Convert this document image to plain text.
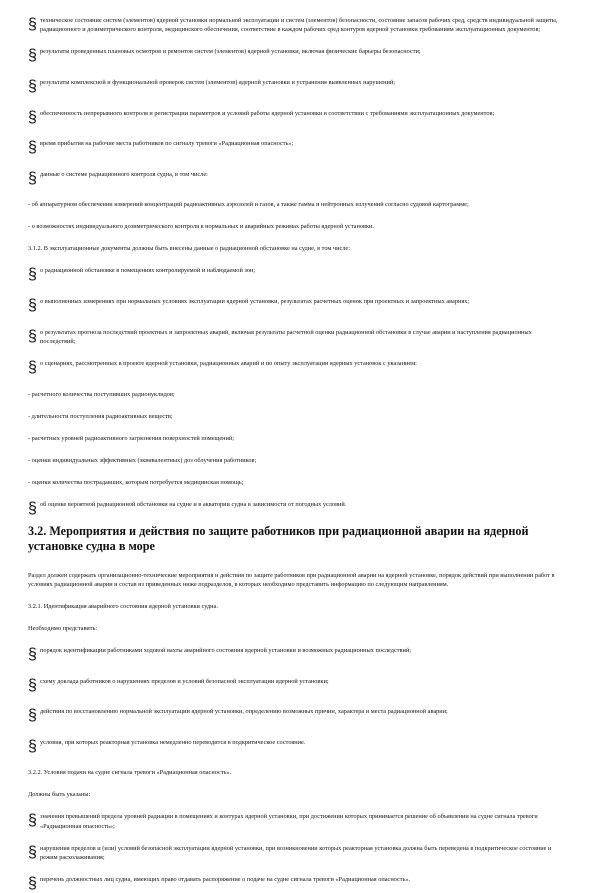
§ техническое состояние систем (элементов) ядерной установки нормальной эксплуатации и систем (элементов) безопасности, состояние запасов рабочих сред, средств индивидуальной защиты, радиационного и дозиметрического контроля, медицинского обеспечения, соответствие в каждом рабочих сред контуров ядерной установки требованиям эксплуатационных документов;

§ результаты проведенных плановых осмотров и ремонтов систем (элементов) ядерной установки, включая физические барьеры безопасности;

§ результаты комплексной и функциональной проверок систем (элементов) ядерной установки и устранения выявленных нарушений;

§ обеспеченность непрерывного контроля и регистрации параметров и условий работы ядерной установки в соответствии с требованиями эксплуатационных документов;

§ время прибытия на рабочие места работников по сигналу тревоги «Радиационная опасность»;

§ данные о системе радиационного контроля судна, в том числе:

- об аппаратурном обеспечении измерений концентраций радиоактивных аэрозолей и газов, а также гамма и нейтронных излучений согласно судовой картограмме;

- о возможностях индивидуального дозиметрического контроля в нормальных и аварийных режимах работы ядерной установки.

3.1.2. В эксплуатационные документы должны быть внесены данные о радиационной обстановке на судне, в том числе:

§ о радиационной обстановке в помещениях контролируемой и наблюдаемой зон;

§ о выполненных измерениях при нормальных условиях эксплуатации ядерной установки, результатах расчетных оценок при проектных и запроектных авариях;

§ о результатах прогноза последствий проектных и запроектных аварий, включая результаты расчетной оценки радиационной обстановки в случае аварии и наступления радиационных последствий;

§ о сценариях, рассмотренных в проекте ядерной установки, радиационных аварий и по опыту эксплуатации ядерных установок с указанием:

- расчетного количества поступивших радионуклидов;

- длительности поступления радиоактивных веществ;

- расчетных уровней радиоактивного загрязнения поверхностей помещений;

- оценки индивидуальных эффективных (эквивалентных) доз облучения работников;

- оценки количества пострадавших, которым потребуется медицинская помощь;

§ об оценке вероятной радиационной обстановки на судне и в акватории судна в зависимости от погодных условий.

3.2. Мероприятия и действия по защите работников при радиационной аварии на ядерной установке судна в море

Раздел должен содержать организационно-технические мероприятия и действия по защите работников при радиационной аварии на ядерной установке, порядок действий при выполнении работ в условиях радиационной аварии и состав из приведенных ниже подразделов, в которых необходимо представить информацию по следующим направлениям.

3.2.1. Идентификация аварийного состояния ядерной установки судна.

Необходимо представить:

§ порядок идентификации работниками ходовой вахты аварийного состояния ядерной установки и возможных радиационных последствий;

§ схему доклада работников о нарушениях пределов и условий безопасной эксплуатации ядерной установки;

§ действия по восстановлению нормальной эксплуатации ядерной установки, определению возможных причин, характера и места радиационной аварии;

§ условия, при которых реакторная установка немедленно переводится в подкритическое состояние.

3.2.2. Условия подачи на судне сигнала тревоги «Радиационная опасность».

Должны быть указаны:

§ значения превышений предела уровней радиации в помещениях и контурах ядерной установки, при достижении которых принимается решение об объявлении на судне сигнала тревоги «Радиационная опасность»;

§ нарушения пределов и (или) условий безопасной эксплуатации ядерной установки, при возникновении которых реакторная установка должна быть переведена в подкритическое состояние и режим расхолаживания;

§ перечень должностных лиц судна, имеющих право отдавать распоряжение о подаче на судне сигнала тревоги «Радиационная опасность».
